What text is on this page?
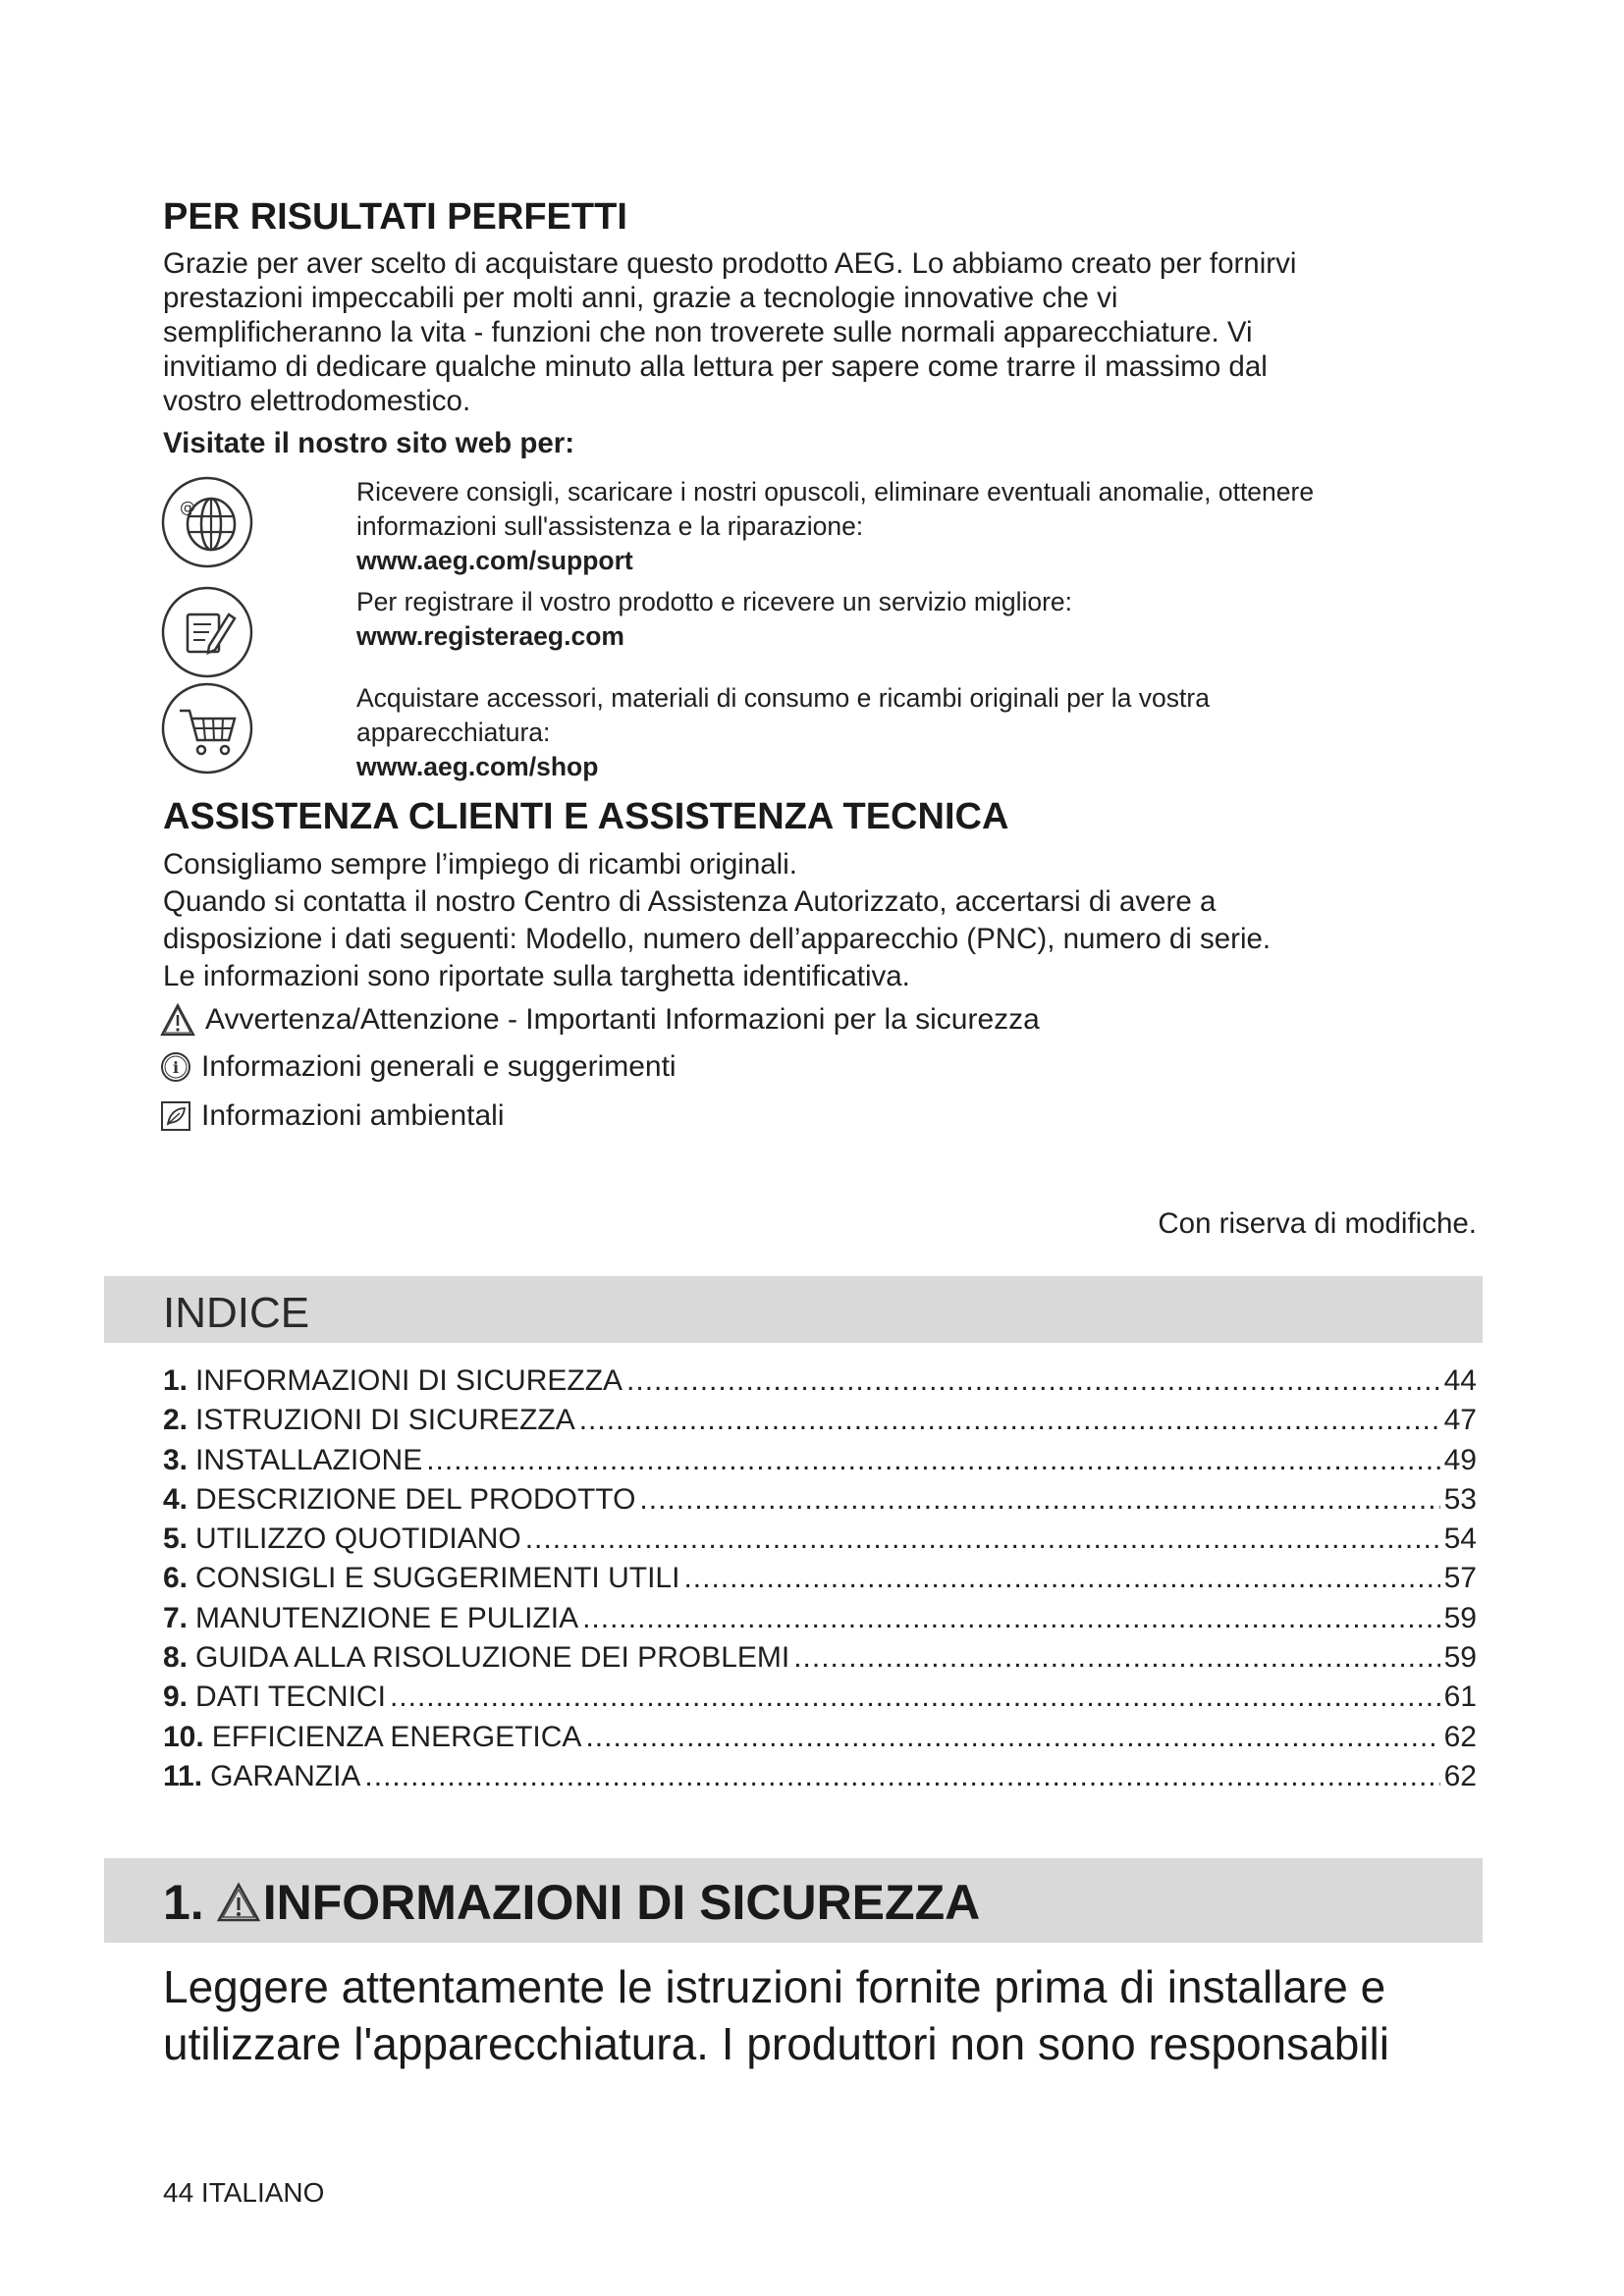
PER RISULTATI PERFETTI
Grazie per aver scelto di acquistare questo prodotto AEG. Lo abbiamo creato per fornirvi
prestazioni impeccabili per molti anni, grazie a tecnologie innovative che vi
semplificheranno la vita - funzioni che non troverete sulle normali apparecchiature. Vi
invitiamo di dedicare qualche minuto alla lettura per sapere come trarre il massimo dal
vostro elettrodomestico.
Visitate il nostro sito web per:
@
Ricevere consigli, scaricare i nostri opuscoli, eliminare eventuali anomalie, ottenere
informazioni sull'assistenza e la riparazione:
www.aeg.com/support
Per registrare il vostro prodotto e ricevere un servizio migliore:
www.registeraeg.com
Acquistare accessori, materiali di consumo e ricambi originali per la vostra
apparecchiatura:
www.aeg.com/shop
ASSISTENZA CLIENTI E ASSISTENZA TECNICA
Consigliamo sempre l’impiego di ricambi originali.
Quando si contatta il nostro Centro di Assistenza Autorizzato, accertarsi di avere a
disposizione i dati seguenti: Modello, numero dell’apparecchio (PNC), numero di serie.
Le informazioni sono riportate sulla targhetta identificativa.
Avvertenza/Attenzione - Importanti Informazioni per la sicurezza
i Informazioni generali e suggerimenti
Informazioni ambientali
Con riserva di modifiche.
INDICE
1. INFORMAZIONI DI SICUREZZA .....	44
2. ISTRUZIONI DI SICUREZZA .....	47
3. INSTALLAZIONE .....	49
4. DESCRIZIONE DEL PRODOTTO .....	53
5. UTILIZZO QUOTIDIANO .....	54
6. CONSIGLI E SUGGERIMENTI UTILI .....	57
7. MANUTENZIONE E PULIZIA .....	59
8. GUIDA ALLA RISOLUZIONE DEI PROBLEMI .....	59
9. DATI TECNICI .....	61
10. EFFICIENZA ENERGETICA .....	62
11. GARANZIA .....	62
1. INFORMAZIONI DI SICUREZZA
Leggere attentamente le istruzioni fornite prima di installare e
utilizzare l'apparecchiatura. I produttori non sono responsabili
44 ITALIANO
